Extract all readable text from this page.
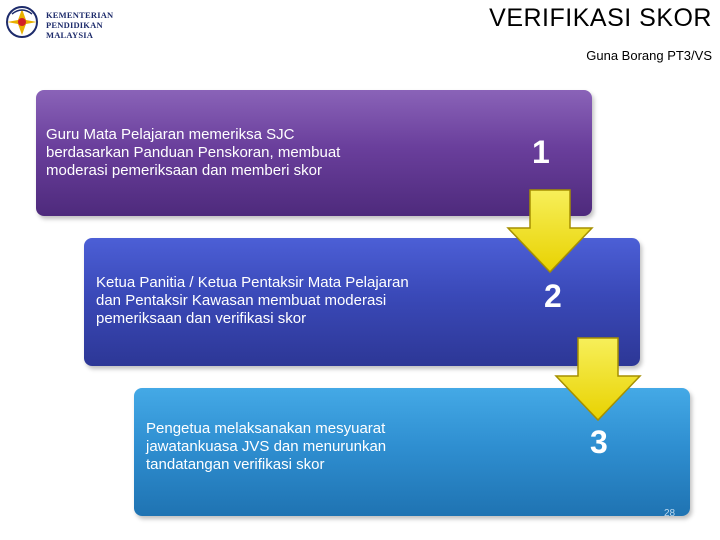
KEMENTERIAN
PENDIDIKAN
MALAYSIA
VERIFIKASI SKOR
Guna Borang PT3/VS
Guru Mata Pelajaran memeriksa SJC
berdasarkan Panduan Penskoran, membuat
moderasi pemeriksaan dan memberi skor
1
Ketua Panitia / Ketua Pentaksir Mata Pelajaran
dan Pentaksir Kawasan membuat moderasi
pemeriksaan dan verifikasi skor
2
Pengetua melaksanakan mesyuarat
jawatankuasa JVS dan menurunkan
tandatangan verifikasi skor
3
28
